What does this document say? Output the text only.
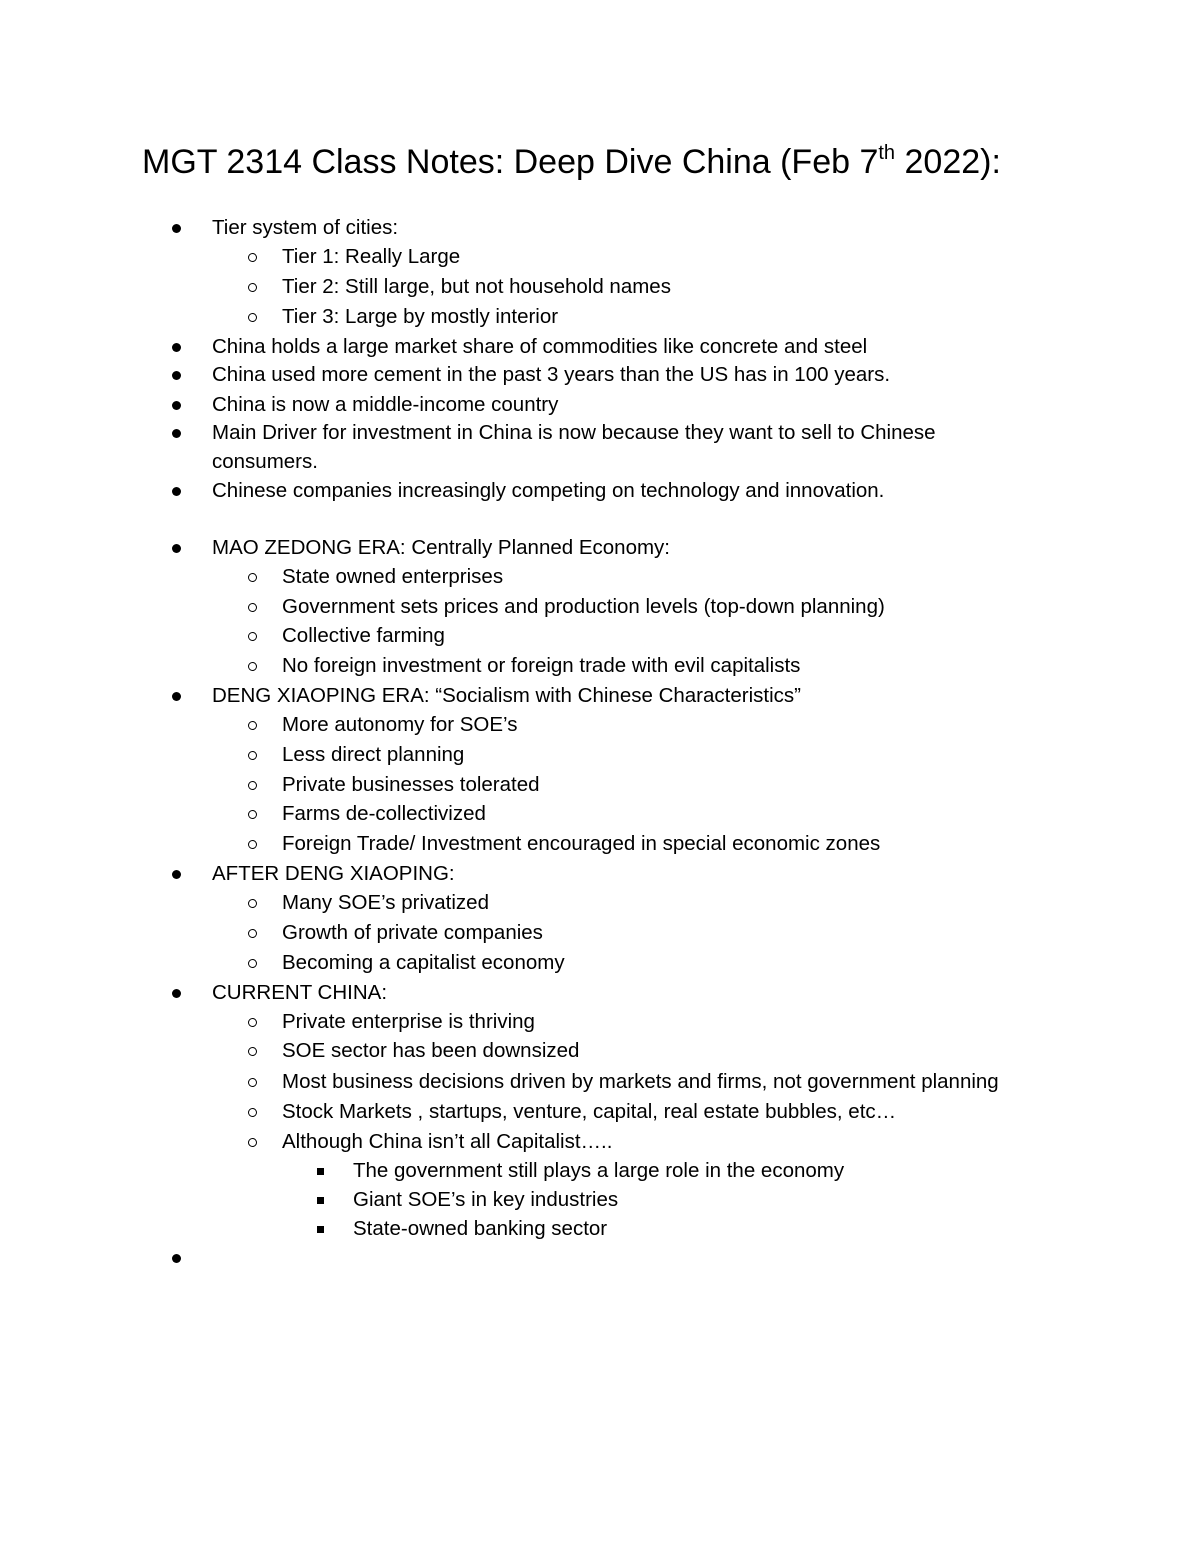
MGT 2314 Class Notes: Deep Dive China (Feb 7th 2022):
Tier system of cities:
Tier 1: Really Large
Tier 2: Still large, but not household names
Tier 3: Large by mostly interior
China holds a large market share of commodities like concrete and steel
China used more cement in the past 3 years than the US has in 100 years.
China is now a middle-income country
Main Driver for investment in China is now because they want to sell to Chinese
consumers.
Chinese companies increasingly competing on technology and innovation.
MAO ZEDONG ERA: Centrally Planned Economy:
State owned enterprises
Government sets prices and production levels (top-down planning)
Collective farming
No foreign investment or foreign trade with evil capitalists
DENG XIAOPING ERA: “Socialism with Chinese Characteristics”
More autonomy for SOE’s
Less direct planning
Private businesses tolerated
Farms de-collectivized
Foreign Trade/ Investment encouraged in special economic zones
AFTER DENG XIAOPING:
Many SOE’s privatized
Growth of private companies
Becoming a capitalist economy
CURRENT CHINA:
Private enterprise is thriving
SOE sector has been downsized
Most business decisions driven by markets and firms, not government planning
Stock Markets , startups, venture, capital, real estate bubbles, etc…
Although China isn’t all Capitalist…..
The government still plays a large role in the economy
Giant SOE’s in key industries
State-owned banking sector
